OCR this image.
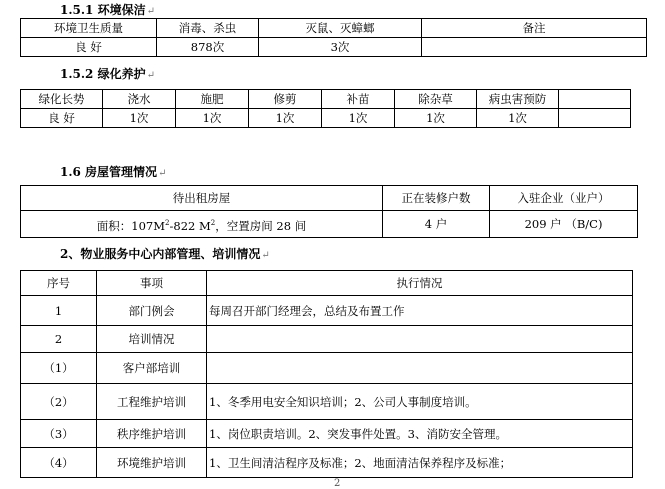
1.5.1 环境保洁↵
环境卫生质量	消毒、杀虫	灭鼠、灭蟑螂	备注
良 好	878次	3次	
1.5.2 绿化养护↵
绿化长势	浇水	施肥	修剪	补苗	除杂草	病虫害预防	
良 好	1次	1次	1次	1次	1次	1次	
1.6 房屋管理情况↵
待出租房屋	正在装修户数	入驻企业（业户）
面积：$107M^2-822$ $M^2$，空置房间 28 间	4 户	209 户 （B/C)
2、物业服务中心内部管理、培训情况↵
序号	事项	执行情况
1	部门例会	每周召开部门经理会，总结及布置工作
2	培训情况	
（1）	客户部培训	
（2）	工程维护培训	1、冬季用电安全知识培训；2、公司人事制度培训。
（3）	秩序维护培训	1、岗位职责培训。2、突发事件处置。3、消防安全管理。
（4）	环境维护培训	1、卫生间清洁程序及标准；2、地面清洁保养程序及标准；
2
